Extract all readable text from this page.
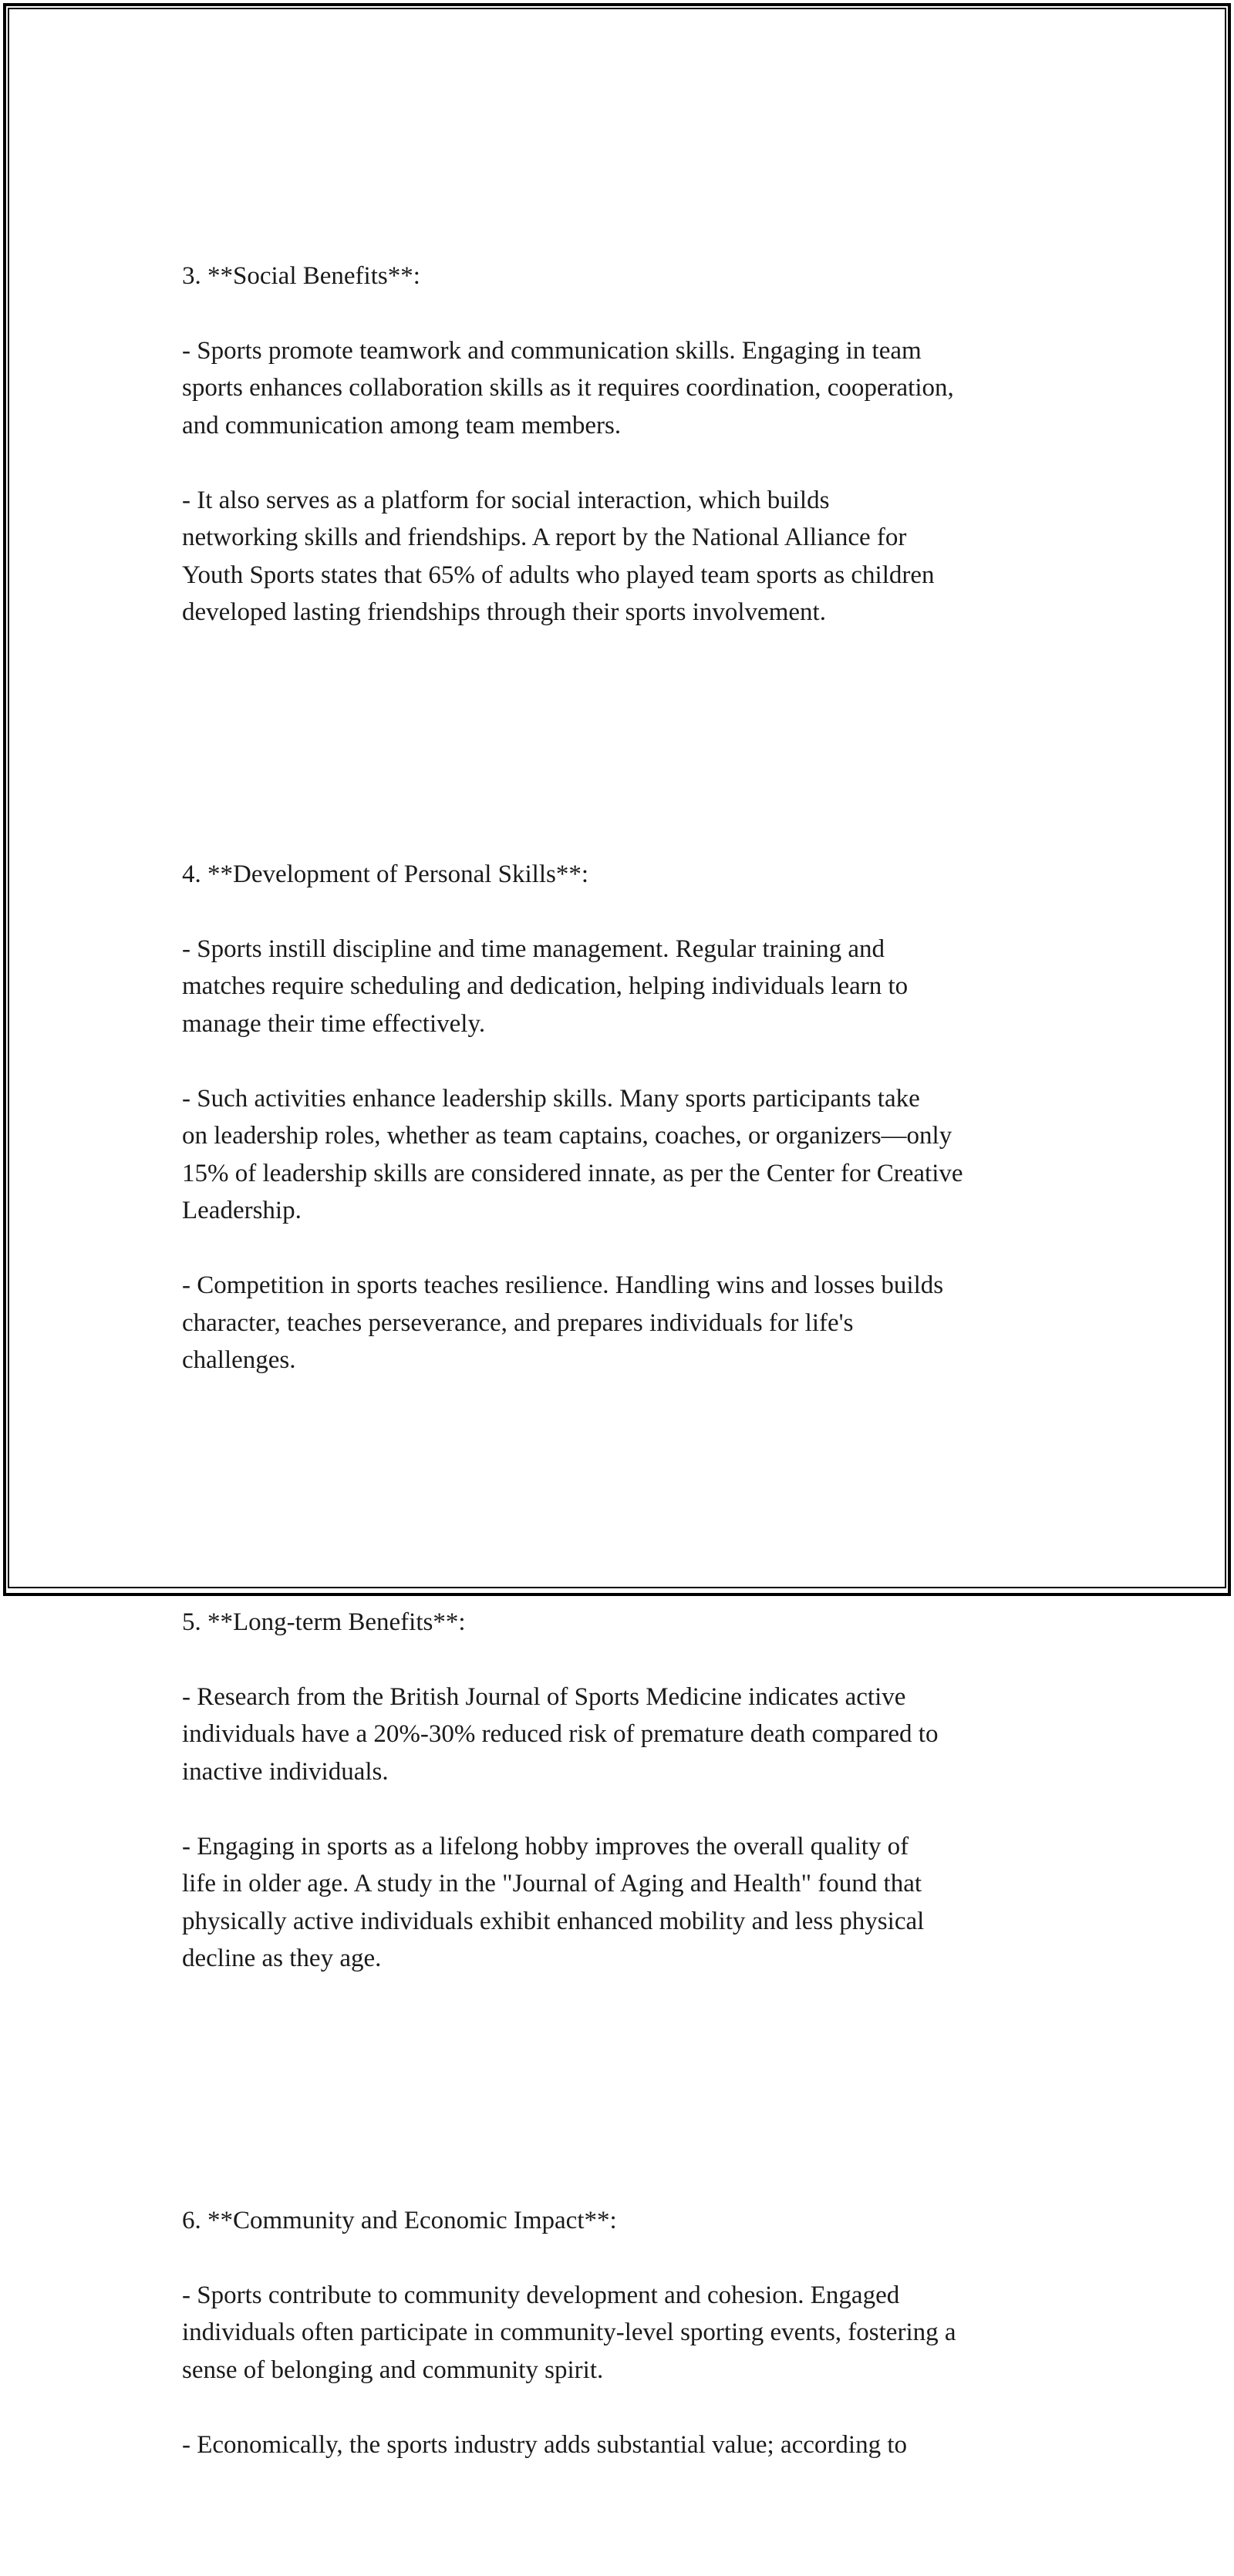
3. **Social Benefits**:

- Sports promote teamwork and communication skills. Engaging in team
sports enhances collaboration skills as it requires coordination, cooperation,
and communication among team members.

- It also serves as a platform for social interaction, which builds
networking skills and friendships. A report by the National Alliance for
Youth Sports states that 65% of adults who played team sports as children
developed lasting friendships through their sports involvement.

4. **Development of Personal Skills**:

- Sports instill discipline and time management. Regular training and
matches require scheduling and dedication, helping individuals learn to
manage their time effectively.

- Such activities enhance leadership skills. Many sports participants take
on leadership roles, whether as team captains, coaches, or organizers—only
15% of leadership skills are considered innate, as per the Center for Creative
Leadership.

- Competition in sports teaches resilience. Handling wins and losses builds
character, teaches perseverance, and prepares individuals for life's
challenges.

5. **Long-term Benefits**:

- Research from the British Journal of Sports Medicine indicates active
individuals have a 20%-30% reduced risk of premature death compared to
inactive individuals.

- Engaging in sports as a lifelong hobby improves the overall quality of
life in older age. A study in the "Journal of Aging and Health" found that
physically active individuals exhibit enhanced mobility and less physical
decline as they age.

6. **Community and Economic Impact**:

- Sports contribute to community development and cohesion. Engaged
individuals often participate in community-level sporting events, fostering a
sense of belonging and community spirit.

- Economically, the sports industry adds substantial value; according to
